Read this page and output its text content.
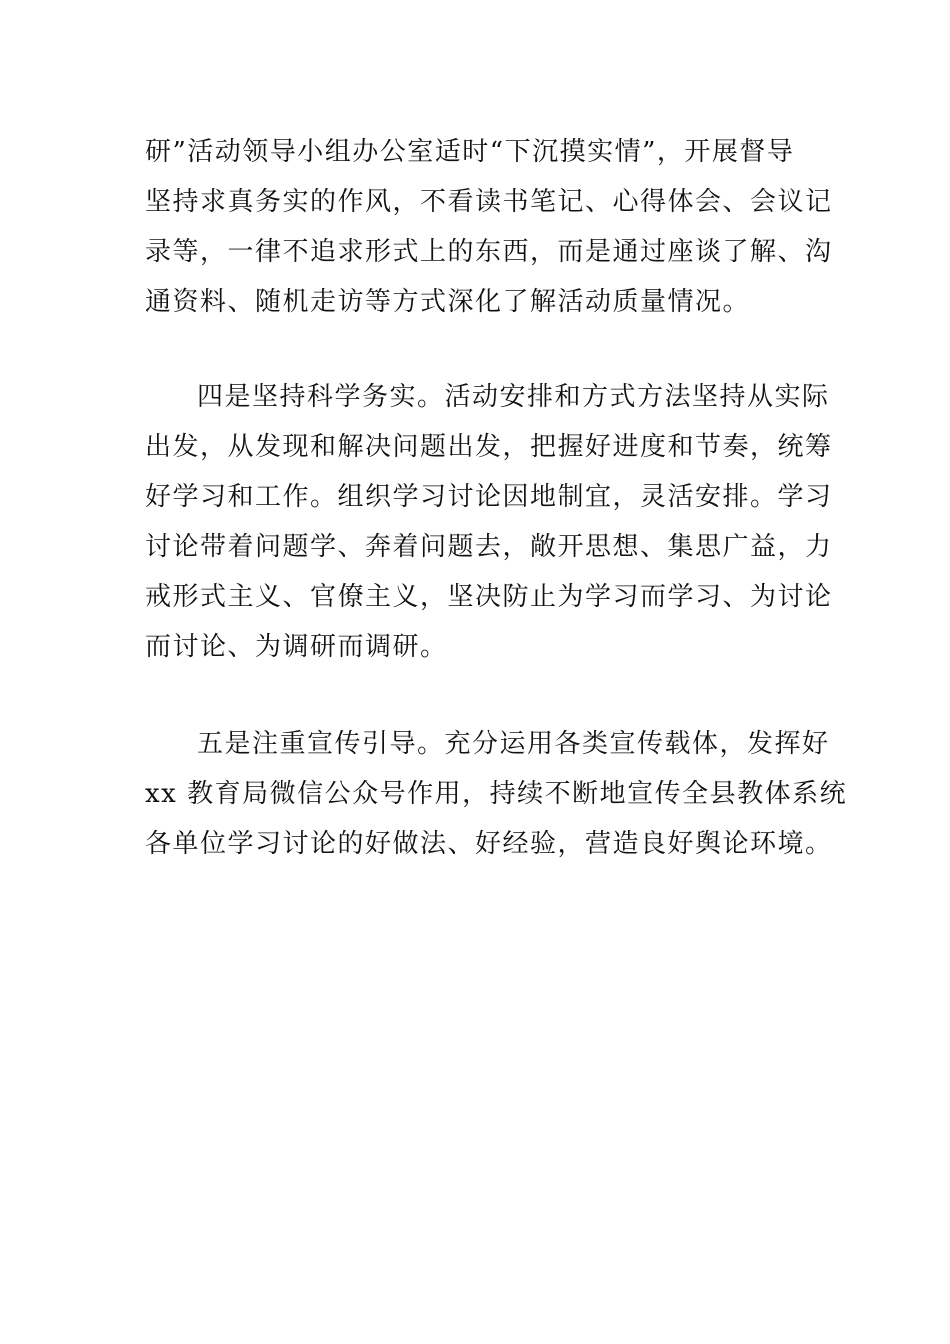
研”活动领导小组办公室适时“下沉摸实情”，开展督导
坚持求真务实的作风，不看读书笔记、心得体会、会议记
录等，一律不追求形式上的东西，而是通过座谈了解、沟
通资料、随机走访等方式深化了解活动质量情况。
四是坚持科学务实。活动安排和方式方法坚持从实际
出发，从发现和解决问题出发，把握好进度和节奏，统筹
好学习和工作。组织学习讨论因地制宜，灵活安排。学习
讨论带着问题学、奔着问题去，敞开思想、集思广益，力
戒形式主义、官僚主义，坚决防止为学习而学习、为讨论
而讨论、为调研而调研。
五是注重宣传引导。充分运用各类宣传载体，发挥好
xx 教育局微信公众号作用，持续不断地宣传全县教体系统
各单位学习讨论的好做法、好经验，营造良好舆论环境。
